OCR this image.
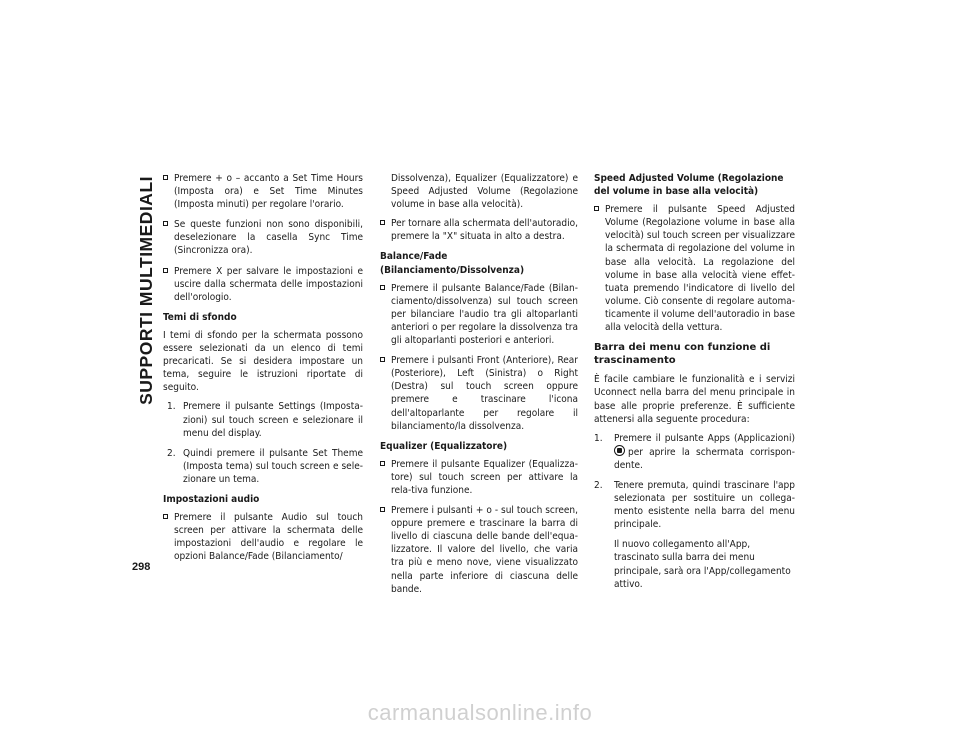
SUPPORTI MULTIMEDIALI
298
Premere + o – accanto a Set Time Hours (Imposta ora) e Set Time Minutes (Imposta minuti) per regolare l'orario.
Se queste funzioni non sono disponibili, deselezionare la casella Sync Time (Sincronizza ora).
Premere X per salvare le impostazioni e uscire dalla schermata delle impostazioni dell'orologio.
Temi di sfondo
I temi di sfondo per la schermata possono essere selezionati da un elenco di temi precaricati. Se si desidera impostare un tema, seguire le istruzioni riportate di seguito.
1. Premere il pulsante Settings (Imposta-zioni) sul touch screen e selezionare il menu del display.
2. Quindi premere il pulsante Set Theme (Imposta tema) sul touch screen e sele-zionare un tema.
Impostazioni audio
Premere il pulsante Audio sul touch screen per attivare la schermata delle impostazioni dell'audio e regolare le opzioni Balance/Fade (Bilanciamento/
Dissolvenza), Equalizer (Equalizzatore) e Speed Adjusted Volume (Regolazione volume in base alla velocità).
Per tornare alla schermata dell'autoradio, premere la "X" situata in alto a destra.
Balance/Fade (Bilanciamento/Dissolvenza)
Premere il pulsante Balance/Fade (Bilan-ciamento/dissolvenza) sul touch screen per bilanciare l'audio tra gli altoparlanti anteriori o per regolare la dissolvenza tra gli altoparlanti posteriori e anteriori.
Premere i pulsanti Front (Anteriore), Rear (Posteriore), Left (Sinistra) o Right (Destra) sul touch screen oppure premere e trascinare l'icona dell'altoparlante per regolare il bilanciamento/la dissolvenza.
Equalizer (Equalizzatore)
Premere il pulsante Equalizer (Equalizza-tore) sul touch screen per attivare la rela-tiva funzione.
Premere i pulsanti + o - sul touch screen, oppure premere e trascinare la barra di livello di ciascuna delle bande dell'equa-lizzatore. Il valore del livello, che varia tra più e meno nove, viene visualizzato nella parte inferiore di ciascuna delle bande.
Speed Adjusted Volume (Regolazione del volume in base alla velocità)
Premere il pulsante Speed Adjusted Volume (Regolazione volume in base alla velocità) sul touch screen per visualizzare la schermata di regolazione del volume in base alla velocità. La regolazione del volume in base alla velocità viene effet-tuata premendo l'indicatore di livello del volume. Ciò consente di regolare automa-ticamente il volume dell'autoradio in base alla velocità della vettura.
Barra dei menu con funzione di trascinamento
È facile cambiare le funzionalità e i servizi Uconnect nella barra del menu principale in base alle proprie preferenze. È sufficiente attenersi alla seguente procedura:
1. Premere il pulsante Apps (Applicazioni) per aprire la schermata corrispon-dente.
2. Tenere premuta, quindi trascinare l'app selezionata per sostituire un collega-mento esistente nella barra del menu principale.
Il nuovo collegamento all'App, trascinato sulla barra dei menu principale, sarà ora l'App/collegamento attivo.
carmanualsonline.info
